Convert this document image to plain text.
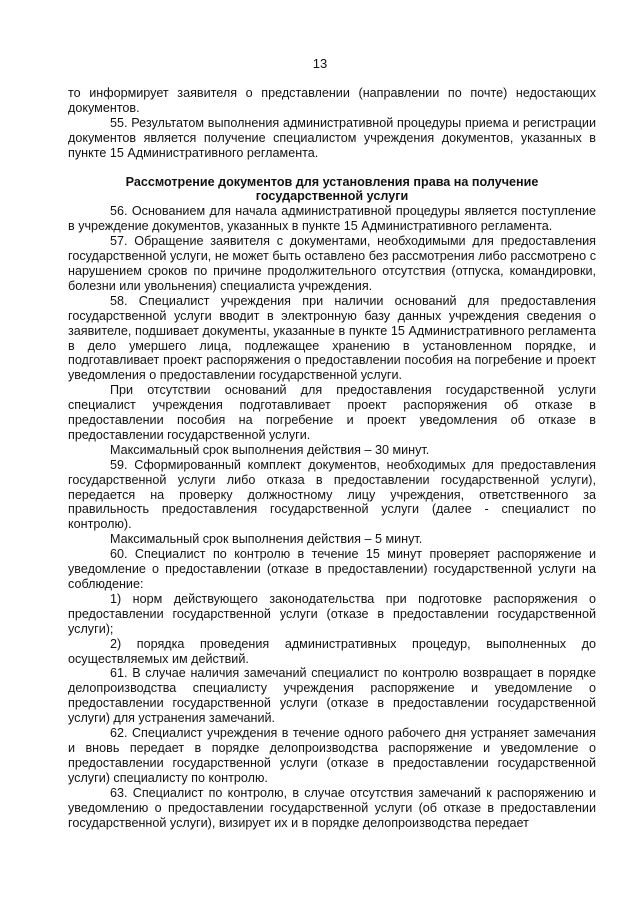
13

то информирует заявителя о представлении (направлении по почте) недостающих документов.

55. Результатом выполнения административной процедуры приема и регистрации документов является получение специалистом учреждения документов, указанных в пункте 15 Административного регламента.

Рассмотрение документов для установления права на получение государственной услуги

56. Основанием для начала административной процедуры является поступление в учреждение документов, указанных в пункте 15 Административного регламента.

57. Обращение заявителя с документами, необходимыми для предоставления государственной услуги, не может быть оставлено без рассмотрения либо рассмотрено с нарушением сроков по причине продолжительного отсутствия (отпуска, командировки, болезни или увольнения) специалиста учреждения.

58. Специалист учреждения при наличии оснований для предоставления государственной услуги вводит в электронную базу данных учреждения сведения о заявителе, подшивает документы, указанные в пункте 15 Административного регламента в дело умершего лица, подлежащее хранению в установленном порядке, и подготавливает проект распоряжения о предоставлении пособия на погребение и проект уведомления о предоставлении государственной услуги.

При отсутствии оснований для предоставления государственной услуги специалист учреждения подготавливает проект распоряжения об отказе в предоставлении пособия на погребение и проект уведомления об отказе в предоставлении государственной услуги.

Максимальный срок выполнения действия – 30 минут.

59. Сформированный комплект документов, необходимых для предоставления государственной услуги либо отказа в предоставлении государственной услуги), передается на проверку должностному лицу учреждения, ответственного за правильность предоставления государственной услуги (далее - специалист по контролю).

Максимальный срок выполнения действия – 5 минут.

60. Специалист по контролю в течение 15 минут проверяет распоряжение и уведомление о предоставлении (отказе в предоставлении) государственной услуги на соблюдение:

1) норм действующего законодательства при подготовке распоряжения о предоставлении государственной услуги (отказе в предоставлении государственной услуги);

2) порядка проведения административных процедур, выполненных до осуществляемых им действий.

61. В случае наличия замечаний специалист по контролю возвращает в порядке делопроизводства специалисту учреждения распоряжение и уведомление о предоставлении государственной услуги (отказе в предоставлении государственной услуги) для устранения замечаний.

62. Специалист учреждения в течение одного рабочего дня устраняет замечания и вновь передает в порядке делопроизводства распоряжение и уведомление о предоставлении государственной услуги (отказе в предоставлении государственной услуги) специалисту по контролю.

63. Специалист по контролю, в случае отсутствия замечаний к распоряжению и уведомлению о предоставлении государственной услуги (об отказе в предоставлении государственной услуги), визирует их и в порядке делопроизводства передает
